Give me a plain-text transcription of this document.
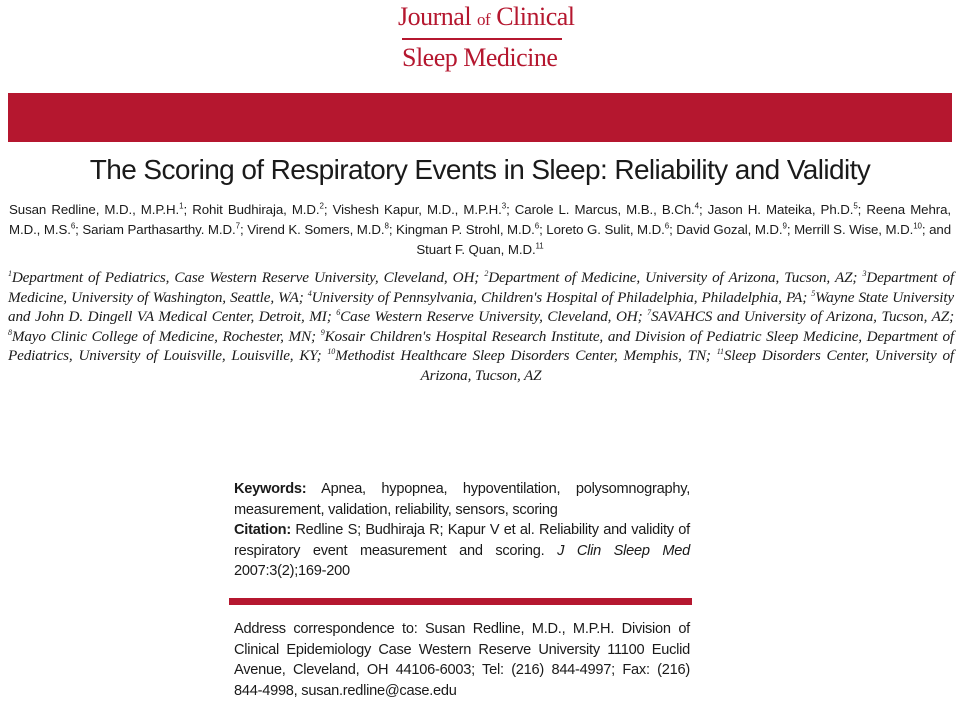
Journal of Clinical
Sleep Medicine
The Scoring of Respiratory Events in Sleep: Reliability and Validity
Susan Redline, M.D., M.P.H.$^1$; Rohit Budhiraja, M.D.$^2$; Vishesh Kapur, M.D., M.P.H.$^3$; Carole L. Marcus, M.B., B.Ch.$^4$; Jason H. Mateika, Ph.D.$^5$; Reena Mehra, M.D., M.S.$^6$; Sariam Parthasarthy. M.D.$^7$; Virend K. Somers, M.D.$^8$; Kingman P. Strohl, M.D.$^6$; Loreto G. Sulit, M.D.$^6$; David Gozal, M.D.$^9$; Merrill S. Wise, M.D.$^{10}$; and Stuart F. Quan, M.D.$^{11}$
$^1$Department of Pediatrics, Case Western Reserve University, Cleveland, OH; $^2$Department of Medicine, University of Arizona, Tucson, AZ; $^3$Department of Medicine, University of Washington, Seattle, WA; $^4$University of Pennsylvania, Children's Hospital of Philadelphia, Philadelphia, PA; $^5$Wayne State University and John D. Dingell VA Medical Center, Detroit, MI; $^6$Case Western Reserve University, Cleveland, OH; $^7$SAVAHCS and University of Arizona, Tucson, AZ; $^8$Mayo Clinic College of Medicine, Rochester, MN; $^9$Kosair Children's Hospital Research Institute, and Division of Pediatric Sleep Medicine, Department of Pediatrics, University of Louisville, Louisville, KY; $^{10}$Methodist Healthcare Sleep Disorders Center, Memphis, TN; $^{11}$Sleep Disorders Center, University of Arizona, Tucson, AZ
Keywords: Apnea, hypopnea, hypoventilation, polysomnography, measurement, validation, reliability, sensors, scoring
Citation: Redline S; Budhiraja R; Kapur V et al. Reliability and validity of respiratory event measurement and scoring. J Clin Sleep Med 2007:3(2);169-200
Address correspondence to: Susan Redline, M.D., M.P.H. Division of Clinical Epidemiology Case Western Reserve University 11100 Euclid Avenue, Cleveland, OH 44106-6003; Tel: (216) 844-4997; Fax: (216) 844-4998, susan.redline@case.edu
